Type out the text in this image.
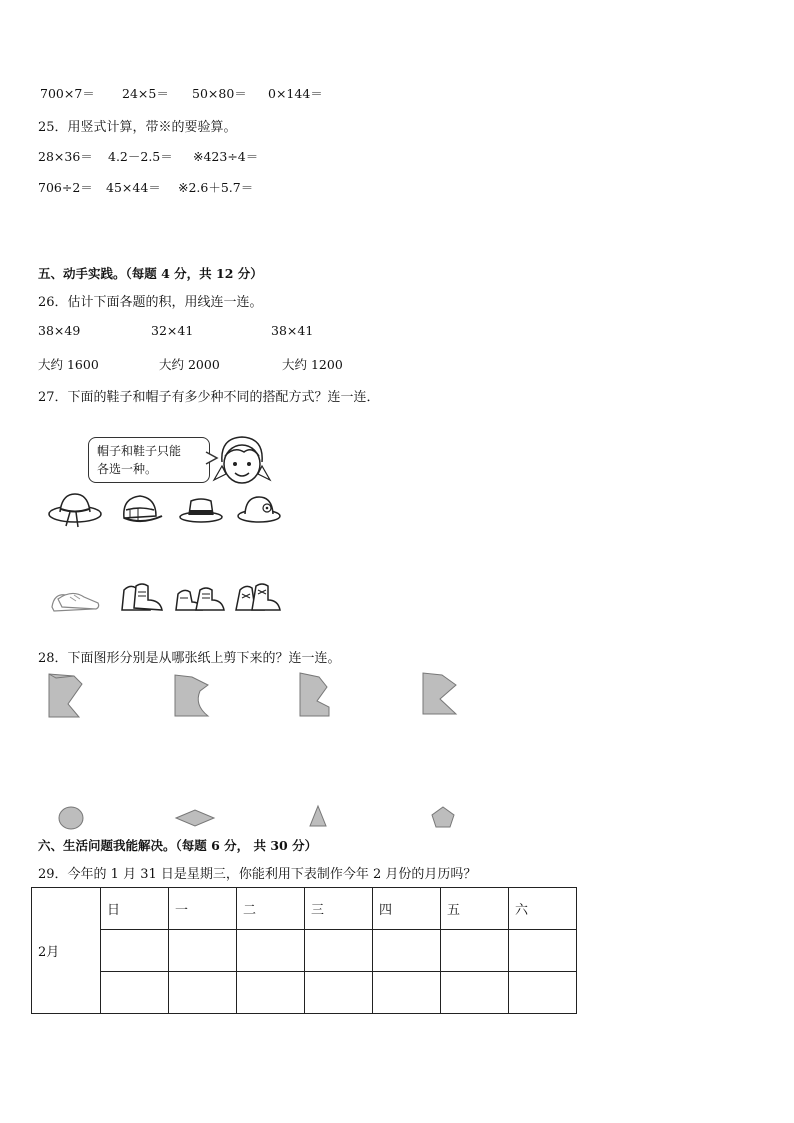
700×7＝ 24×5＝ 50×80＝ 0×144＝
25．用竖式计算，带※的要验算。
28×36＝ 4.2－2.5＝ ※423÷4＝
706÷2＝ 45×44＝ ※2.6＋5.7＝
五、动手实践。（每题 4 分，共 12 分）
26．估计下面各题的积，用线连一连。
38×49	32×41	38×41
大约 1600	大约 2000	大约 1200
27．下面的鞋子和帽子有多少种不同的搭配方式？连一连．
帽子和鞋子只能
各选一种。
28．下面图形分别是从哪张纸上剪下来的？连一连。
六、生活问题我能解决。（每题 6 分， 共 30 分）
29．今年的 1 月 31 日是星期三，你能利用下表制作今年 2 月份的月历吗？
2月	日	一	二	三	四	五	六
